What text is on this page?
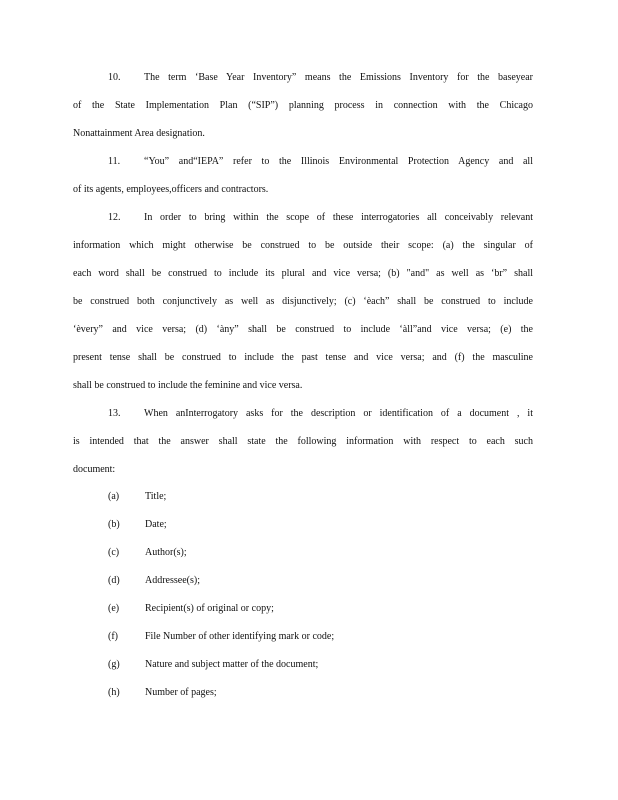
10. The term ‘Base Year Inventory” means the Emissions Inventory for the baseyear
of the State Implementation Plan (“SIP”) planning process in connection with the Chicago
Nonattainment Area designation.
11. “You” and“IEPA” refer to the Illinois Environmental Protection Agency and all
of its agents, employees,officers and contractors.
12. In order to bring within the scope of these interrogatories all conceivably relevant
information which might otherwise be construed to be outside their scope: (a) the singular of
each word shall be construed to include its plural and vice versa; (b) "and" as well as ‘br” shall
be construed both conjunctively as well as disjunctively; (c) ‘èach” shall be construed to include
‘èvery” and vice versa; (d) ‘àny” shall be construed to include ‘àll”and vice versa; (e) the
present tense shall be construed to include the past tense and vice versa; and (f) the masculine
shall be construed to include the feminine and vice versa.
13. When anInterrogatory asks for the description or identification of a document , it
is intended that the answer shall state the following information with respect to each such
document:
(a)	Title;
(b)	Date;
(c)	Author(s);
(d)	Addressee(s);
(e)	Recipient(s) of original or copy;
(f)	File Number of other identifying mark or code;
(g)	Nature and subject matter of the document;
(h)	Number of pages;
